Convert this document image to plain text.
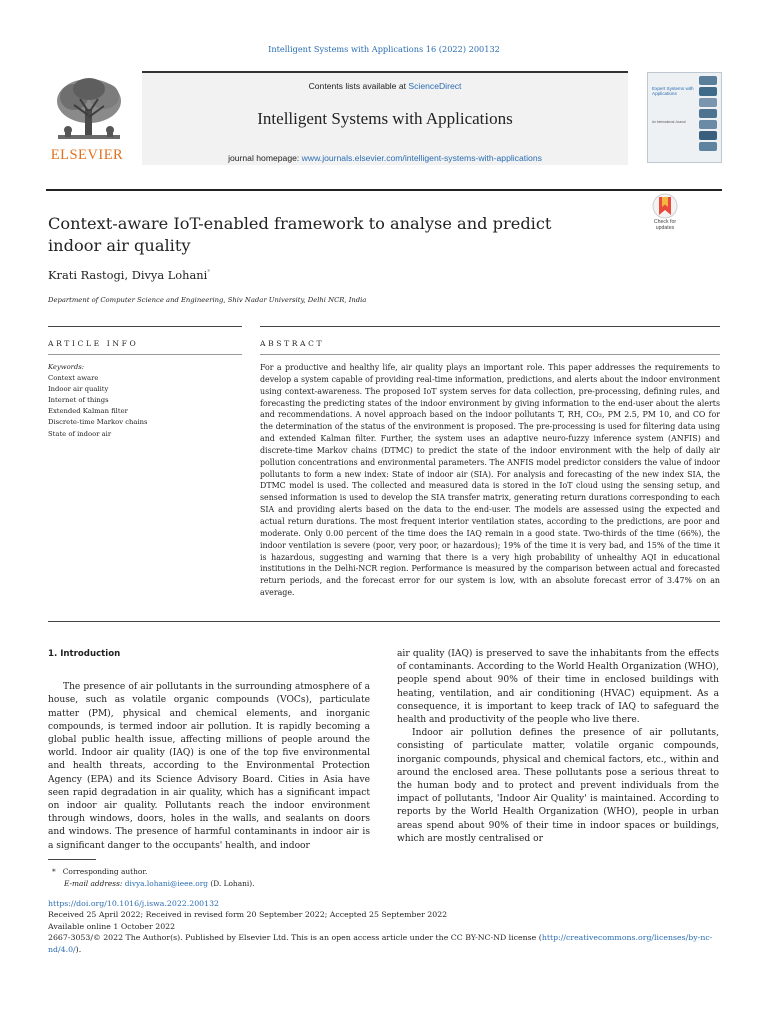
Intelligent Systems with Applications 16 (2022) 200132
ELSEVIER
Contents lists available at ScienceDirect
Intelligent Systems with Applications
journal homepage: www.journals.elsevier.com/intelligent-systems-with-applications
Expert Systems with Applications
An International Journal
Context-aware IoT-enabled framework to analyse and predict indoor air quality
Check for updates
Krati Rastogi, Divya Lohani*
Department of Computer Science and Engineering, Shiv Nadar University, Delhi NCR, India
ARTICLE INFO	ABSTRACT
Keywords:
Context aware
Indoor air quality
Internet of things
Extended Kalman filter
Discrete-time Markov chains
State of indoor air
For a productive and healthy life, air quality plays an important role. This paper addresses the requirements to develop a system capable of providing real-time information, predictions, and alerts about the indoor environment using context-awareness. The proposed IoT system serves for data collection, pre-processing, defining rules, and forecasting the predicting states of the indoor environment by giving information to the end-user about the alerts and recommendations. A novel approach based on the indoor pollutants T, RH, CO₂, PM 2.5, PM 10, and CO for the determination of the status of the environment is proposed. The pre-processing is used for filtering data using and extended Kalman filter. Further, the system uses an adaptive neuro-fuzzy inference system (ANFIS) and discrete-time Markov chains (DTMC) to predict the state of the indoor environment with the help of daily air pollution concentrations and environmental parameters. The ANFIS model predictor considers the value of indoor pollutants to form a new index: State of indoor air (SIA). For analysis and forecasting of the new index SIA, the DTMC model is used. The collected and measured data is stored in the IoT cloud using the sensing setup, and sensed information is used to develop the SIA transfer matrix, generating return durations corresponding to each SIA and providing alerts based on the data to the end-user. The models are assessed using the expected and actual return durations. The most frequent interior ventilation states, according to the predictions, are poor and moderate. Only 0.00 percent of the time does the IAQ remain in a good state. Two-thirds of the time (66%), the indoor ventilation is severe (poor, very poor, or hazardous); 19% of the time it is very bad, and 15% of the time it is hazardous, suggesting and warning that there is a very high probability of unhealthy AQI in educational institutions in the Delhi-NCR region. Performance is measured by the comparison between actual and forecasted return periods, and the forecast error for our system is low, with an absolute forecast error of 3.47% on an average.
1. Introduction

The presence of air pollutants in the surrounding atmosphere of a house, such as volatile organic compounds (VOCs), particulate matter (PM), physical and chemical elements, and inorganic compounds, is termed indoor air pollution. It is rapidly becoming a global public health issue, affecting millions of people around the world. Indoor air quality (IAQ) is one of the top five environmental and health threats, according to the Environmental Protection Agency (EPA) and its Science Advisory Board. Cities in Asia have seen rapid degradation in air quality, which has a significant impact on indoor air quality. Pollutants reach the indoor environment through windows, doors, holes in the walls, and sealants on doors and windows. The presence of harmful contaminants in indoor air is a significant danger to the occupants' health, and indoor

air quality (IAQ) is preserved to save the inhabitants from the effects of contaminants. According to the World Health Organization (WHO), people spend about 90% of their time in enclosed buildings with heating, ventilation, and air conditioning (HVAC) equipment. As a consequence, it is important to keep track of IAQ to safeguard the health and productivity of the people who live there.

Indoor air pollution defines the presence of air pollutants, consisting of particulate matter, volatile organic compounds, inorganic compounds, physical and chemical factors, etc., within and around the enclosed area. These pollutants pose a serious threat to the human body and to protect and prevent individuals from the impact of pollutants, 'Indoor Air Quality' is maintained. According to reports by the World Health Organization (WHO), people in urban areas spend about 90% of their time in indoor spaces or buildings, which are mostly centralised or

* Corresponding author.
E-mail address: divya.lohani@ieee.org (D. Lohani).
https://doi.org/10.1016/j.iswa.2022.200132
Received 25 April 2022; Received in revised form 20 September 2022; Accepted 25 September 2022
Available online 1 October 2022
2667-3053/© 2022 The Author(s). Published by Elsevier Ltd. This is an open access article under the CC BY-NC-ND license (http://creativecommons.org/licenses/by-nc-nd/4.0/).
